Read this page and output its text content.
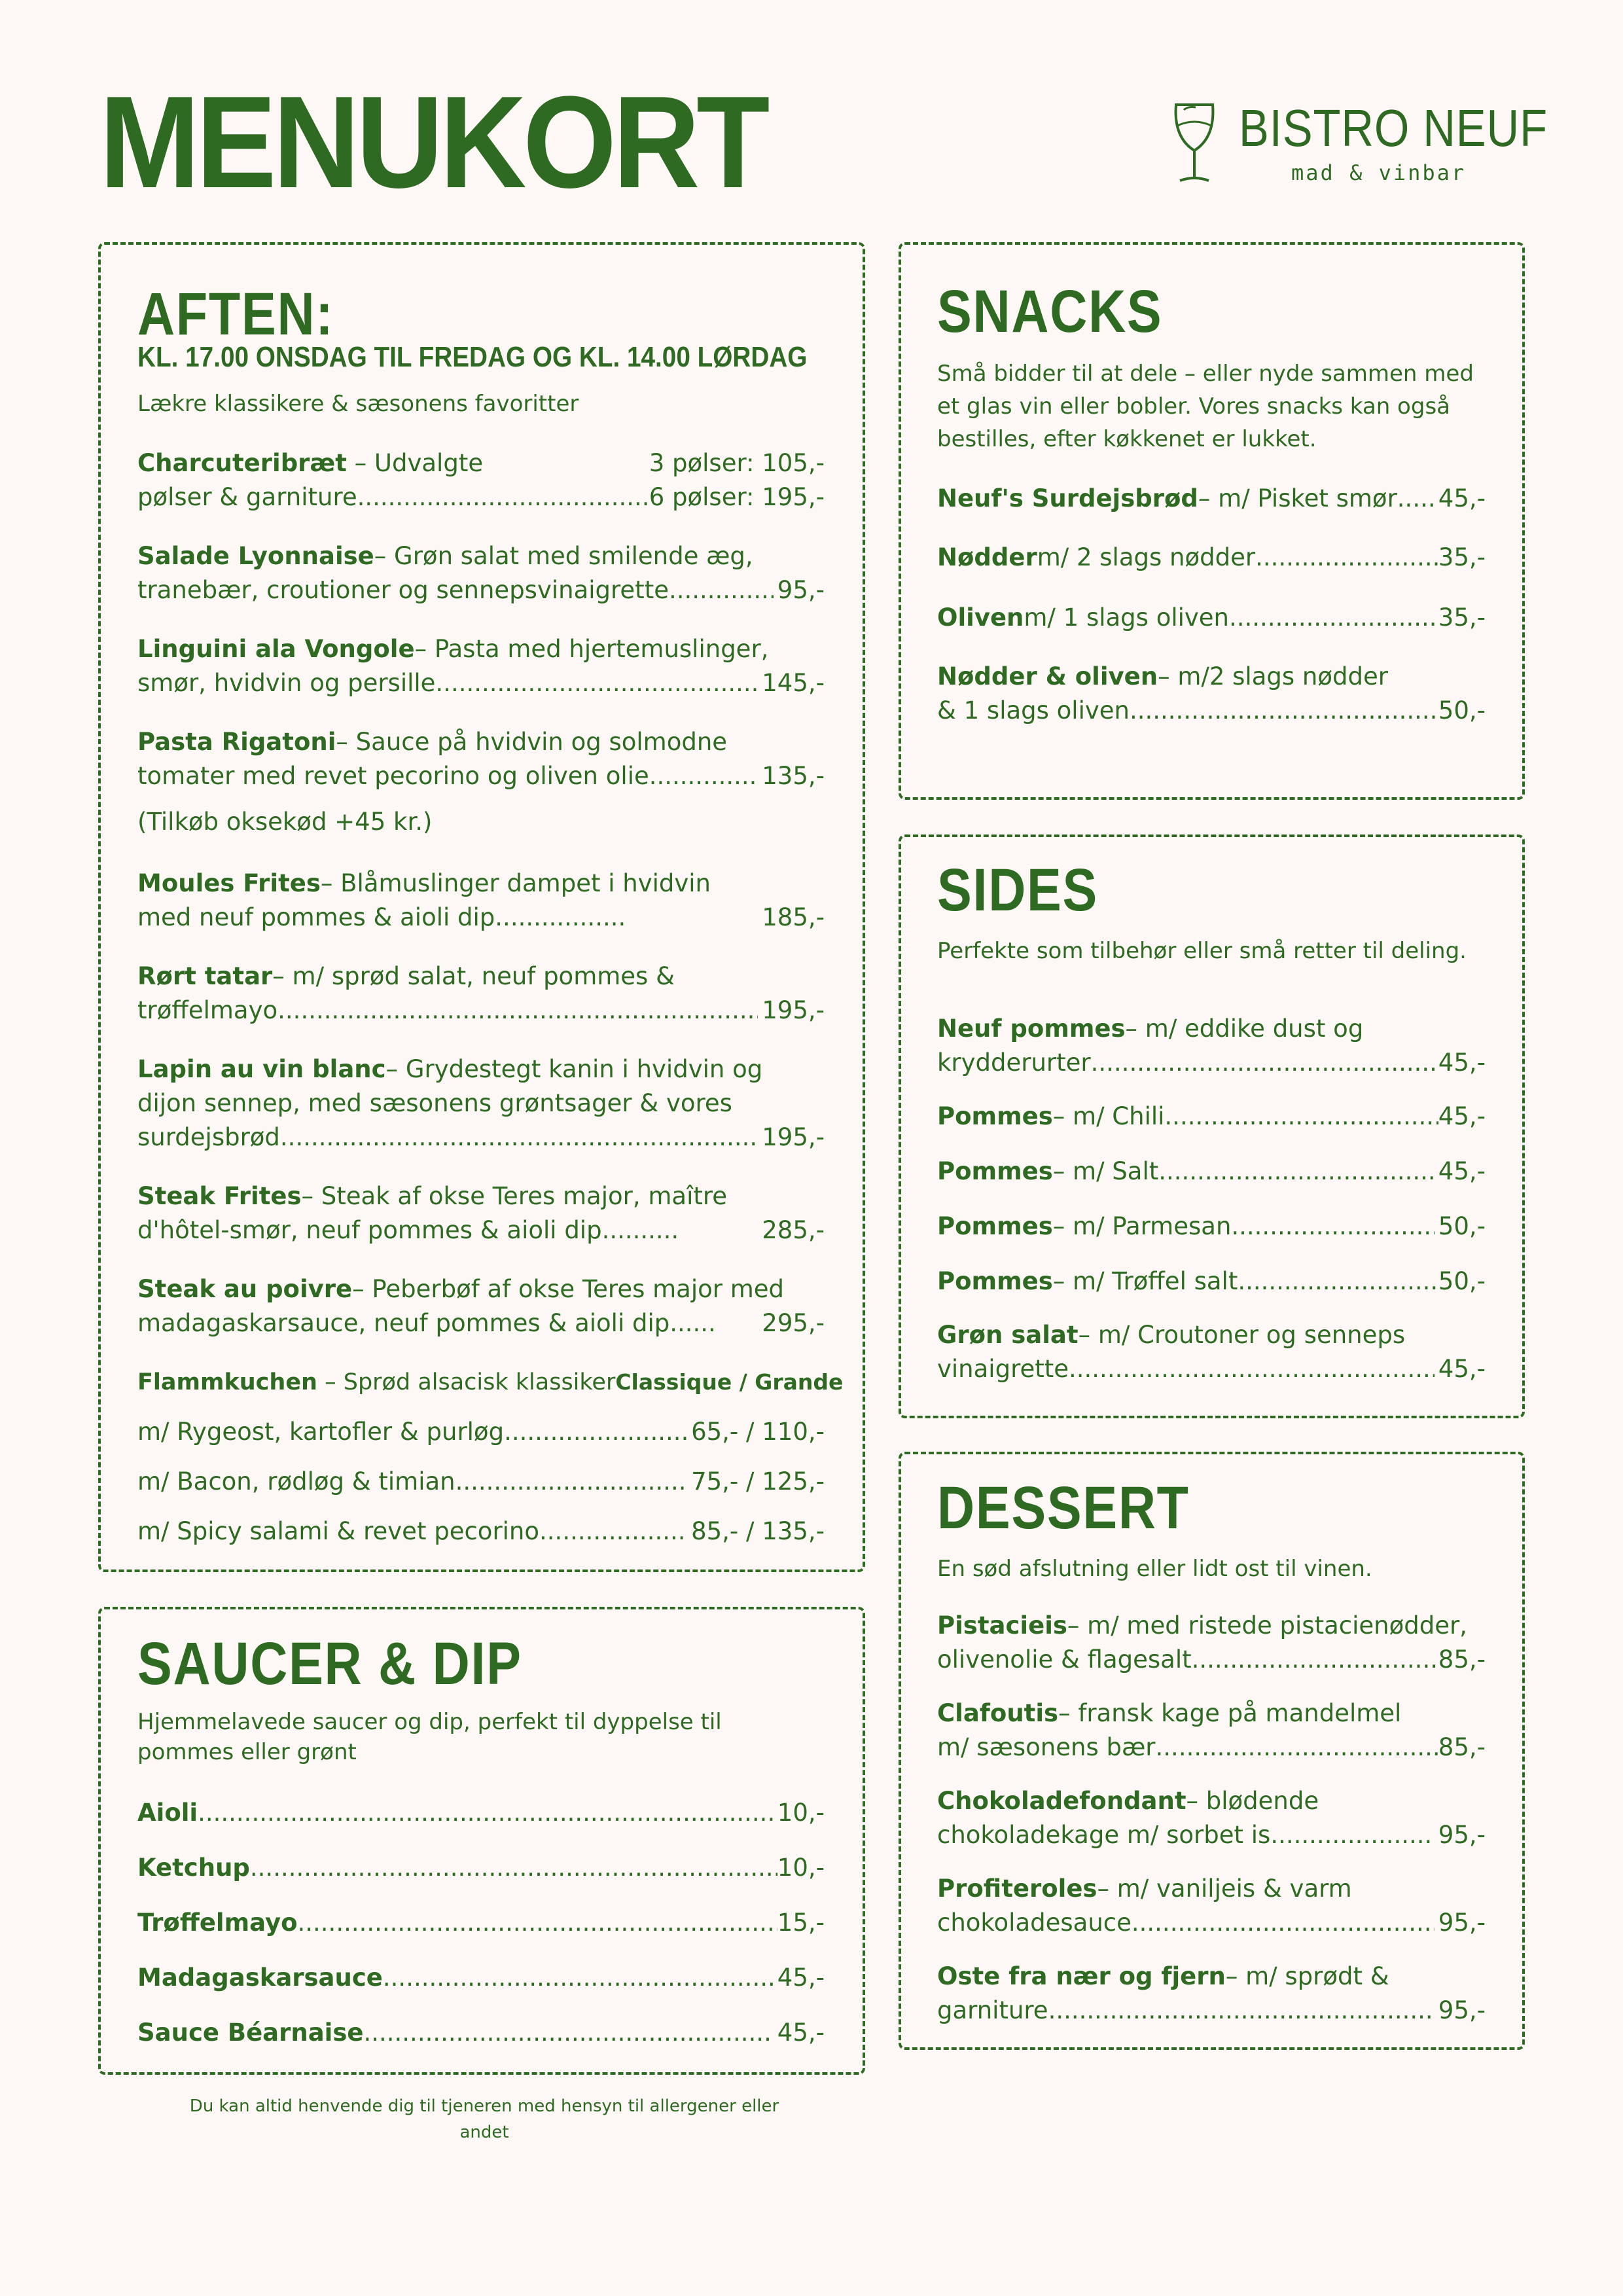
MENUKORT	BISTRO NEUF
mad & vinbar
AFTEN:
KL. 17.00 ONSDAG TIL FREDAG OG KL. 14.00 LØRDAG
Lækre klassikere & sæsonens favoritter
Charcuteribræt – Udvalgte	3 pølser: 105,-
pølser & garniture .....	6 pølser: 195,-
Salade Lyonnaise – Grøn salat med smilende æg,
tranebær, croutioner og sennepsvinaigrette .....	95,-
Linguini ala Vongole – Pasta med hjertemuslinger,
smør, hvidvin og persille .....	145,-
Pasta Rigatoni – Sauce på hvidvin og solmodne
tomater med revet pecorino og oliven olie .....	135,-
(Tilkøb oksekød +45 kr.)
Moules Frites – Blåmuslinger dampet i hvidvin
med neuf pommes & aioli dip .....	185,-
Rørt tatar – m/ sprød salat, neuf pommes &
trøffelmayo .....	195,-
Lapin au vin blanc – Grydestegt kanin i hvidvin og
dijon sennep, med sæsonens grøntsager & vores
surdejsbrød .....	195,-
Steak Frites – Steak af okse Teres major, maître
d'hôtel-smør, neuf pommes & aioli dip .....	285,-
Steak au poivre – Peberbøf af okse Teres major med
madagaskarsauce, neuf pommes & aioli dip .....	295,-
Flammkuchen – Sprød alsacisk klassiker Classique / Grande
m/ Rygeost, kartofler & purløg .....	65,- / 110,-
m/ Bacon, rødløg & timian .....	75,- / 125,-
m/ Spicy salami & revet pecorino .....	85,- / 135,-
SAUCER & DIP
Hjemmelavede saucer og dip, perfekt til dyppelse til pommes eller grønt
Aioli .....	10,-
Ketchup .....	10,-
Trøffelmayo .....	15,-
Madagaskarsauce .....	45,-
Sauce Béarnaise .....	45,-
Du kan altid henvende dig til tjeneren med hensyn til allergener eller andet
SNACKS
Små bidder til at dele – eller nyde sammen med et glas vin eller bobler. Vores snacks kan også bestilles, efter køkkenet er lukket.
Neuf's Surdejsbrød – m/ Pisket smør ..... 45,-
Nødder m/ 2 slags nødder .....	35,-
Oliven m/ 1 slags oliven .....	35,-
Nødder & oliven – m/2 slags nødder
& 1 slags oliven .....	50,-
SIDES
Perfekte som tilbehør eller små retter til deling.
Neuf pommes – m/ eddike dust og
krydderurter .....	45,-
Pommes – m/ Chili .....	45,-
Pommes – m/ Salt .....	45,-
Pommes – m/ Parmesan .....	50,-
Pommes – m/ Trøffel salt .....	50,-
Grøn salat – m/ Croutoner og senneps
vinaigrette .....	45,-
DESSERT
En sød afslutning eller lidt ost til vinen.
Pistacieis – m/ med ristede pistacienødder,
olivenolie & flagesalt .....	85,-
Clafoutis – fransk kage på mandelmel
m/ sæsonens bær .....	85,-
Chokoladefondant – blødende
chokoladekage m/ sorbet is .....	95,-
Profiteroles – m/ vaniljeis & varm
chokoladesauce .....	95,-
Oste fra nær og fjern – m/ sprødt &
garniture .....	95,-
